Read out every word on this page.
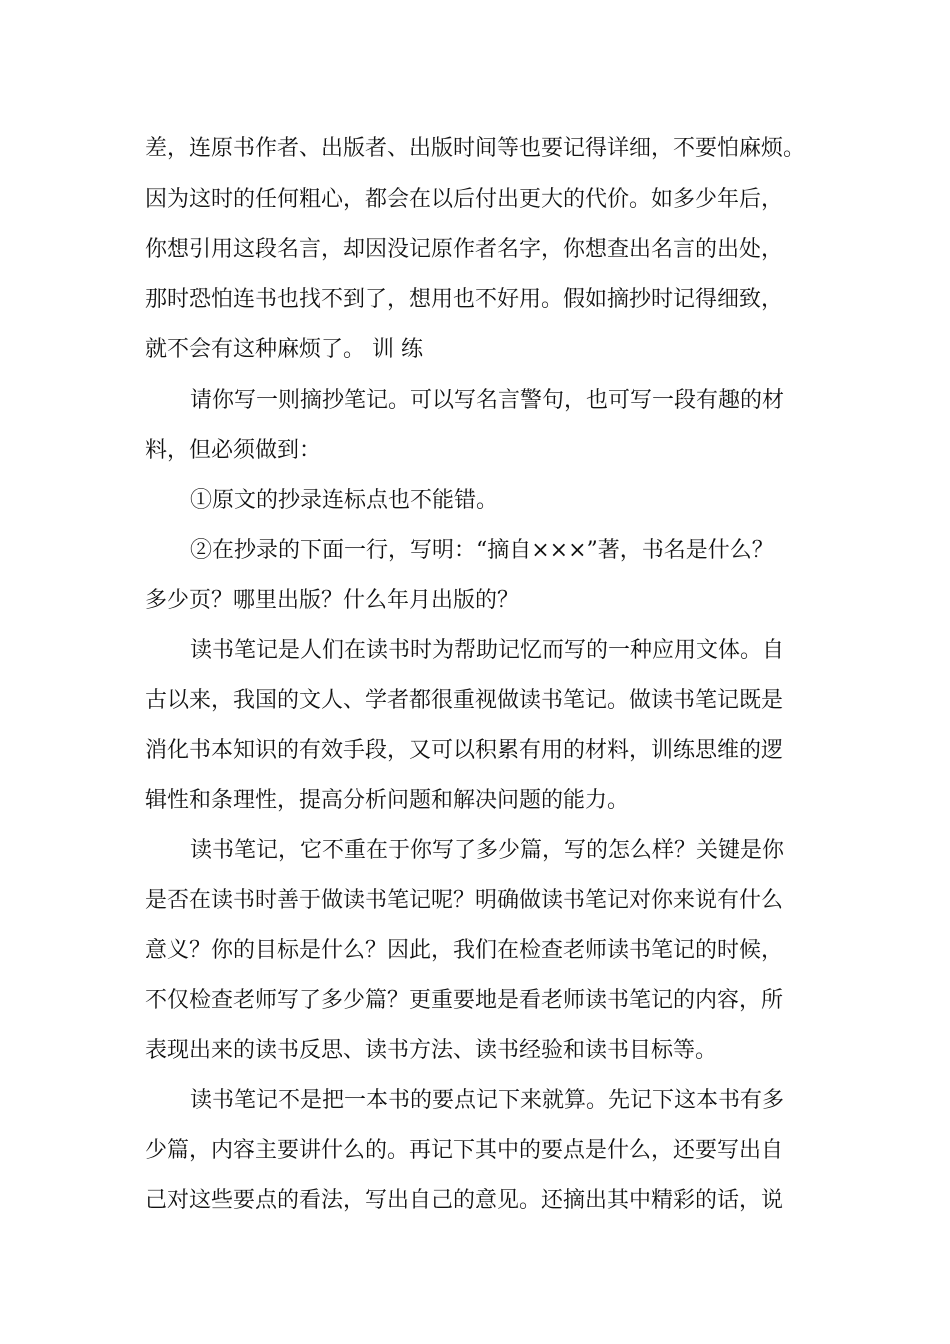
差，连原书作者、出版者、出版时间等也要记得详细，不要怕麻烦。
因为这时的任何粗心，都会在以后付出更大的代价。如多少年后，
你想引用这段名言，却因没记原作者名字，你想查出名言的出处，
那时恐怕连书也找不到了，想用也不好用。假如摘抄时记得细致，
就不会有这种麻烦了。 训 练
请你写一则摘抄笔记。可以写名言警句，也可写一段有趣的材
料，但必须做到：
①原文的抄录连标点也不能错。
②在抄录的下面一行，写明：“摘自×××”著，书名是什么？
多少页？哪里出版？什么年月出版的？
读书笔记是人们在读书时为帮助记忆而写的一种应用文体。自
古以来，我国的文人、学者都很重视做读书笔记。做读书笔记既是
消化书本知识的有效手段，又可以积累有用的材料，训练思维的逻
辑性和条理性，提高分析问题和解决问题的能力。
读书笔记，它不重在于你写了多少篇，写的怎么样？关键是你
是否在读书时善于做读书笔记呢？明确做读书笔记对你来说有什么
意义？你的目标是什么？因此，我们在检查老师读书笔记的时候，
不仅检查老师写了多少篇？更重要地是看老师读书笔记的内容，所
表现出来的读书反思、读书方法、读书经验和读书目标等。
读书笔记不是把一本书的要点记下来就算。先记下这本书有多
少篇，内容主要讲什么的。再记下其中的要点是什么，还要写出自
己对这些要点的看法，写出自己的意见。还摘出其中精彩的话，说
